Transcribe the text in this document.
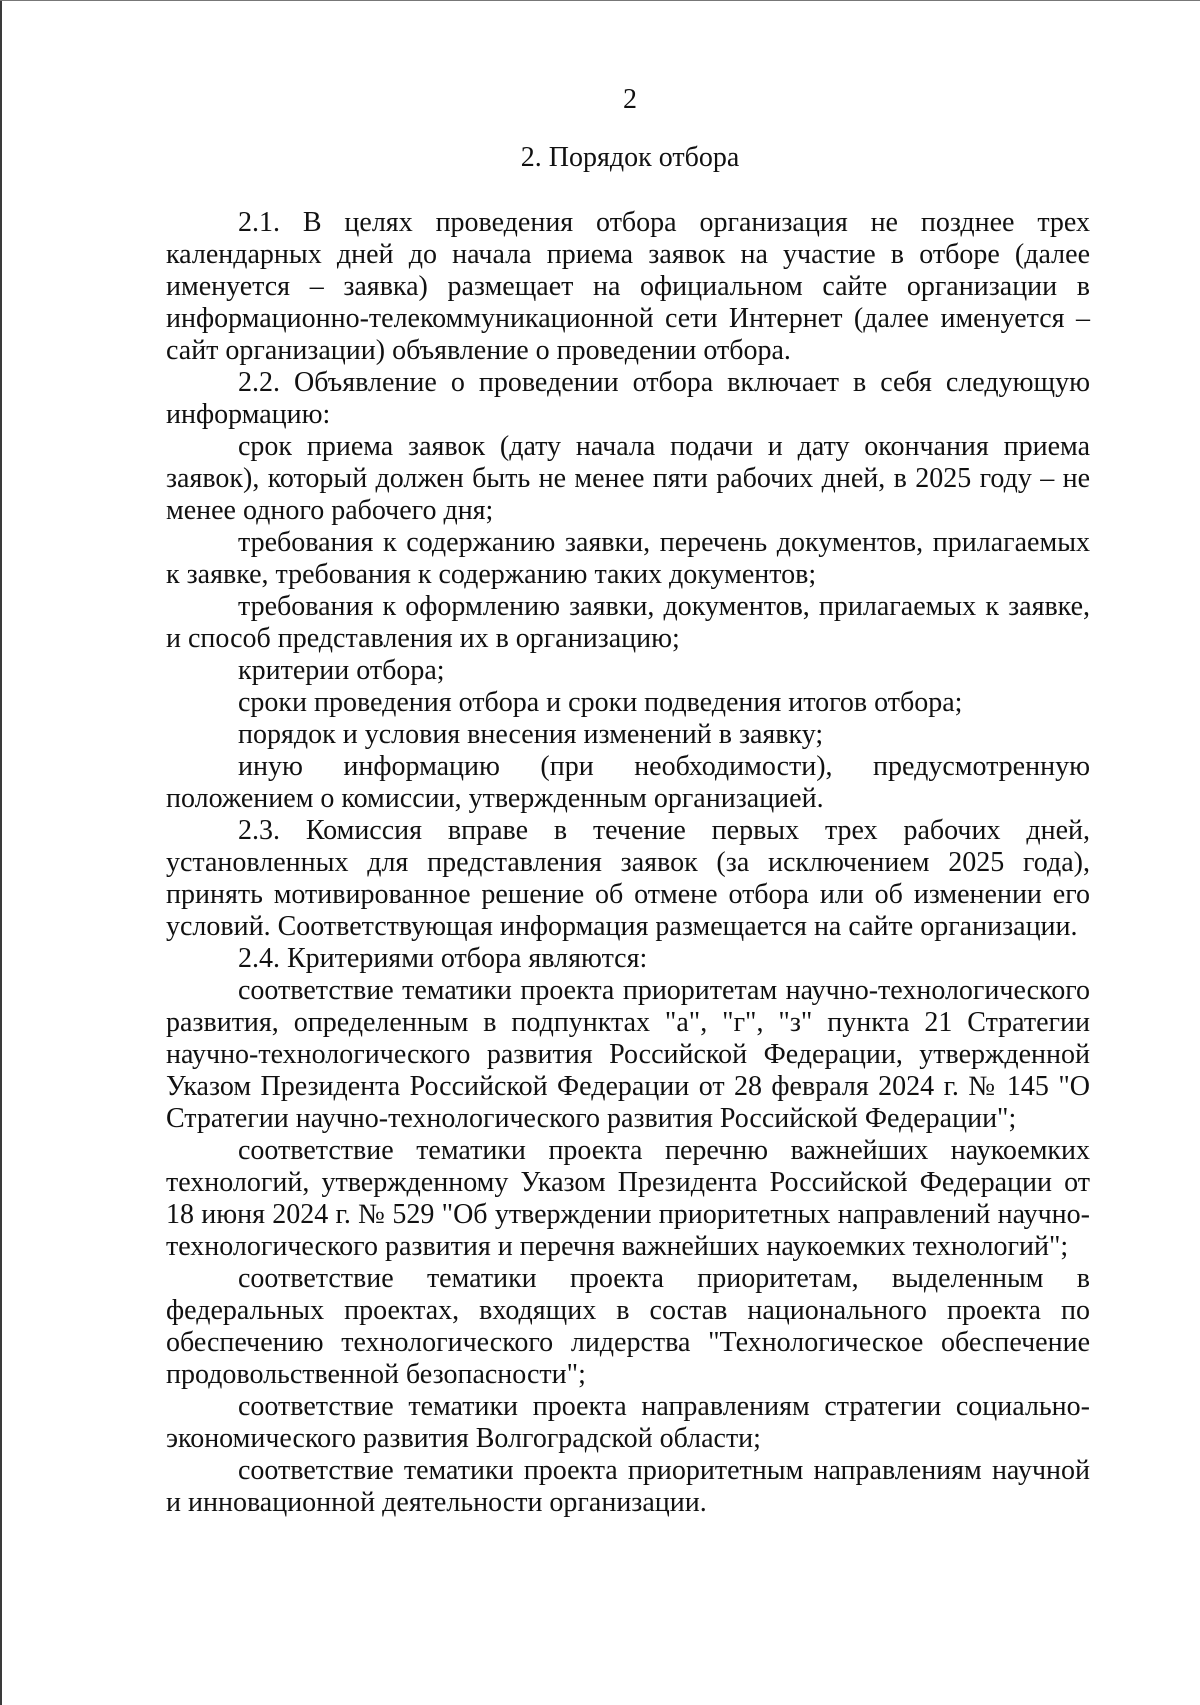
2
2. Порядок отбора

2.1. В целях проведения отбора организация не позднее трех календарных дней до начала приема заявок на участие в отборе (далее именуется – заявка) размещает на официальном сайте организации в информационно-телекоммуникационной сети Интернет (далее именуется – сайт организации) объявление о проведении отбора.

2.2. Объявление о проведении отбора включает в себя следующую информацию:

срок приема заявок (дату начала подачи и дату окончания приема заявок), который должен быть не менее пяти рабочих дней, в 2025 году – не менее одного рабочего дня;

требования к содержанию заявки, перечень документов, прилагаемых к заявке, требования к содержанию таких документов;

требования к оформлению заявки, документов, прилагаемых к заявке, и способ представления их в организацию;

критерии отбора;

сроки проведения отбора и сроки подведения итогов отбора;

порядок и условия внесения изменений в заявку;

иную информацию (при необходимости), предусмотренную положением о комиссии, утвержденным организацией.

2.3. Комиссия вправе в течение первых трех рабочих дней, установленных для представления заявок (за исключением 2025 года), принять мотивированное решение об отмене отбора или об изменении его условий. Соответствующая информация размещается на сайте организации.

2.4. Критериями отбора являются:

соответствие тематики проекта приоритетам научно-технологического развития, определенным в подпунктах "а", "г", "з" пункта 21 Стратегии научно-технологического развития Российской Федерации, утвержденной Указом Президента Российской Федерации от 28 февраля 2024 г. № 145 "О Стратегии научно-технологического развития Российской Федерации";

соответствие тематики проекта перечню важнейших наукоемких технологий, утвержденному Указом Президента Российской Федерации от 18 июня 2024 г. № 529 "Об утверждении приоритетных направлений научно-технологического развития и перечня важнейших наукоемких технологий";

соответствие тематики проекта приоритетам, выделенным в федеральных проектах, входящих в состав национального проекта по обеспечению технологического лидерства "Технологическое обеспечение продовольственной безопасности";

соответствие тематики проекта направлениям стратегии социально-экономического развития Волгоградской области;

соответствие тематики проекта приоритетным направлениям научной и инновационной деятельности организации.
